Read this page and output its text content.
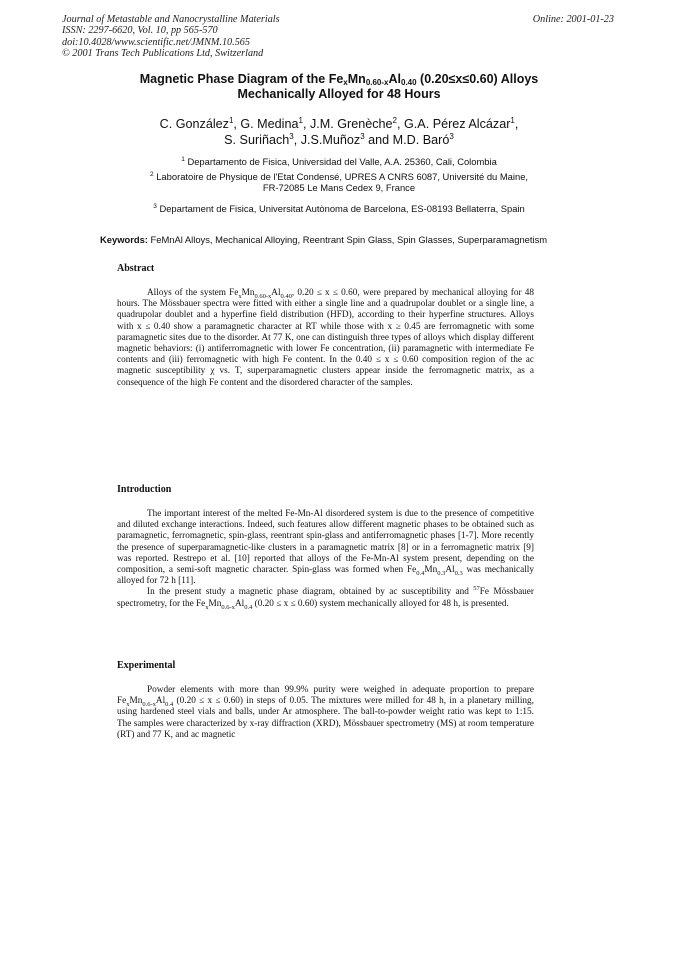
Journal of Metastable and Nanocrystalline Materials
ISSN: 2297-6620, Vol. 10, pp 565-570
doi:10.4028/www.scientific.net/JMNM.10.565
© 2001 Trans Tech Publications Ltd, Switzerland
Online: 2001-01-23
Magnetic Phase Diagram of the $Fe_xMn_{0.60-x}Al_{0.40}$ (0.20≤x≤0.60) Alloys
Mechanically Alloyed for 48 Hours
C. González$^1$, G. Medina$^1$, J.M. Grenèche$^2$, G.A. Pérez Alcázar$^1$,
S. Suriñach$^3$, J.S.Muñoz$^3$ and M.D. Baró$^3$
$^1$ Departamento de Fisica, Universidad del Valle, A.A. 25360, Cali, Colombia
$^2$ Laboratoire de Physique de l'Etat Condensé, UPRES A CNRS 6087, Université du Maine,
FR-72085 Le Mans Cedex 9, France
$^3$ Departament de Fisica, Universitat Autònoma de Barcelona, ES-08193 Bellaterra, Spain
Keywords: FeMnAl Alloys, Mechanical Alloying, Reentrant Spin Glass, Spin Glasses, Superparamagnetism
Abstract

Alloys of the system $Fe_xMn_{0.60-x}Al_{0.40}$, 0.20 ≤ x ≤ 0.60, were prepared by mechanical alloying for 48 hours. The Mössbauer spectra were fitted with either a single line and a quadrupolar doublet or a single line, a quadrupolar doublet and a hyperfine field distribution (HFD), according to their hyperfine structures. Alloys with x ≤ 0.40 show a paramagnetic character at RT while those with x ≥ 0.45 are ferromagnetic with some paramagnetic sites due to the disorder. At 77 K, one can distinguish three types of alloys which display different magnetic behaviors: (i) antiferromagnetic with lower Fe concentration, (ii) paramagnetic with intermediate Fe contents and (iii) ferromagnetic with high Fe content. In the 0.40 ≤ x ≤ 0.60 composition region of the ac magnetic susceptibility χ vs. T, superparamagnetic clusters appear inside the ferromagnetic matrix, as a consequence of the high Fe content and the disordered character of the samples.

Introduction

The important interest of the melted Fe-Mn-Al disordered system is due to the presence of competitive and diluted exchange interactions. Indeed, such features allow different magnetic phases to be obtained such as paramagnetic, ferromagnetic, spin-glass, reentrant spin-glass and antiferromagnetic phases [1-7]. More recently the presence of superparamagnetic-like clusters in a paramagnetic matrix [8] or in a ferromagnetic matrix [9] was reported. Restrepo et al. [10] reported that alloys of the Fe-Mn-Al system present, depending on the composition, a semi-soft magnetic character. Spin-glass was formed when $Fe_{0.4}Mn_{0.3}Al_{0.3}$ was mechanically alloyed for 72 h [11].

In the present study a magnetic phase diagram, obtained by ac susceptibility and $^{57}$Fe Mössbauer spectrometry, for the $Fe_xMn_{0.6-x}Al_{0.4}$ (0.20 ≤ x ≤ 0.60) system mechanically alloyed for 48 h, is presented.

Experimental

Powder elements with more than 99.9% purity were weighed in adequate proportion to prepare $Fe_xMn_{0.6-x}Al_{0.4}$ (0.20 ≤ x ≤ 0.60) in steps of 0.05. The mixtures were milled for 48 h, in a planetary milling, using hardened steel vials and balls, under Ar atmosphere. The ball-to-powder weight ratio was kept to 1:15. The samples were characterized by x-ray diffraction (XRD), Mössbauer spectrometry (MS) at room temperature (RT) and 77 K, and ac magnetic
